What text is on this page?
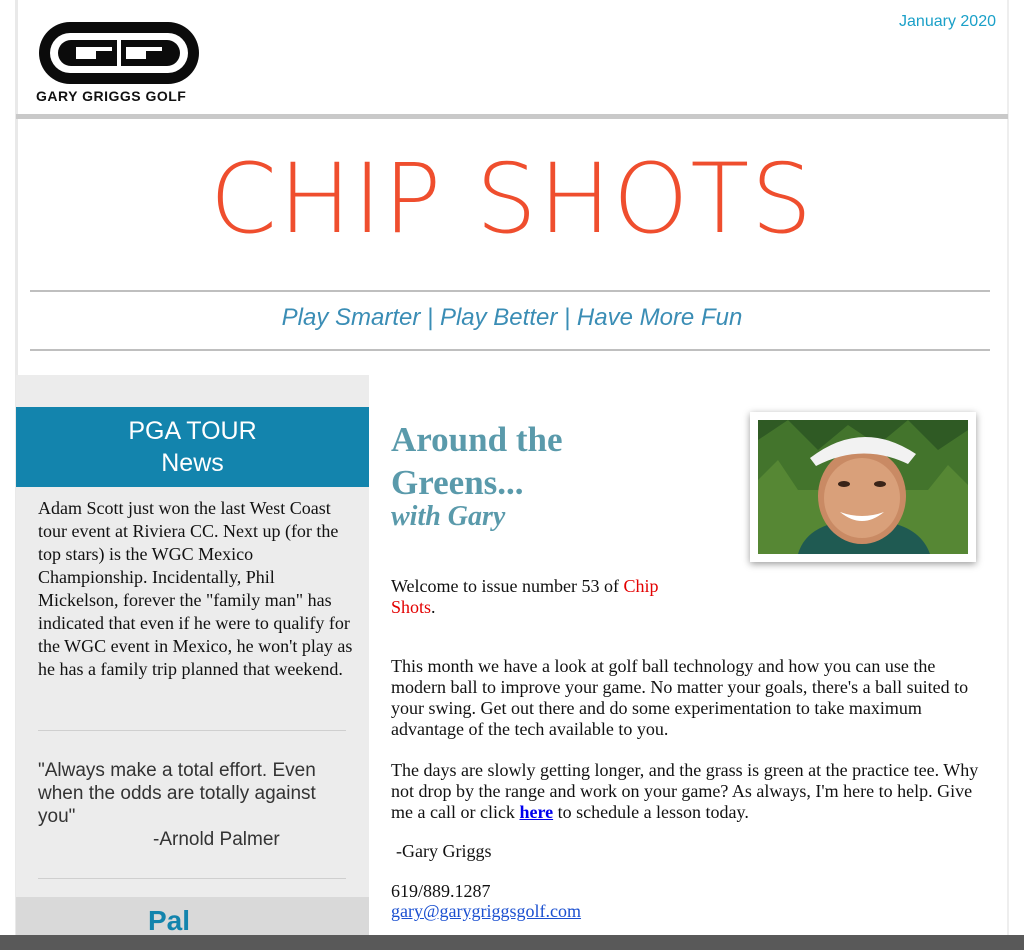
GARY GRIGGS GOLF
January 2020
CHIP SHOTS
Play Smarter | Play Better | Have More Fun
PGA TOUR
News
Adam Scott just won the last West Coast tour event at Riviera CC. Next up (for the top stars) is the WGC Mexico Championship. Incidentally, Phil Mickelson, forever the "family man" has indicated that even if he were to qualify for the WGC event in Mexico, he won't play as he has a family trip planned that weekend.
"Always make a total effort. Even when the odds are totally against you"
-Arnold Palmer
Pal
Around the
Greens...
with Gary
Welcome to issue number 53 of Chip
Shots.
This month we have a look at golf ball technology and how you can use the modern ball to improve your game. No matter your goals, there's a ball suited to your swing. Get out there and do some experimentation to take maximum advantage of the tech available to you.
The days are slowly getting longer, and the grass is green at the practice tee. Why not drop by the range and work on your game? As always, I'm here to help. Give me a call or click here to schedule a lesson today.
-Gary Griggs
619/889.1287
gary@garygriggsgolf.com
